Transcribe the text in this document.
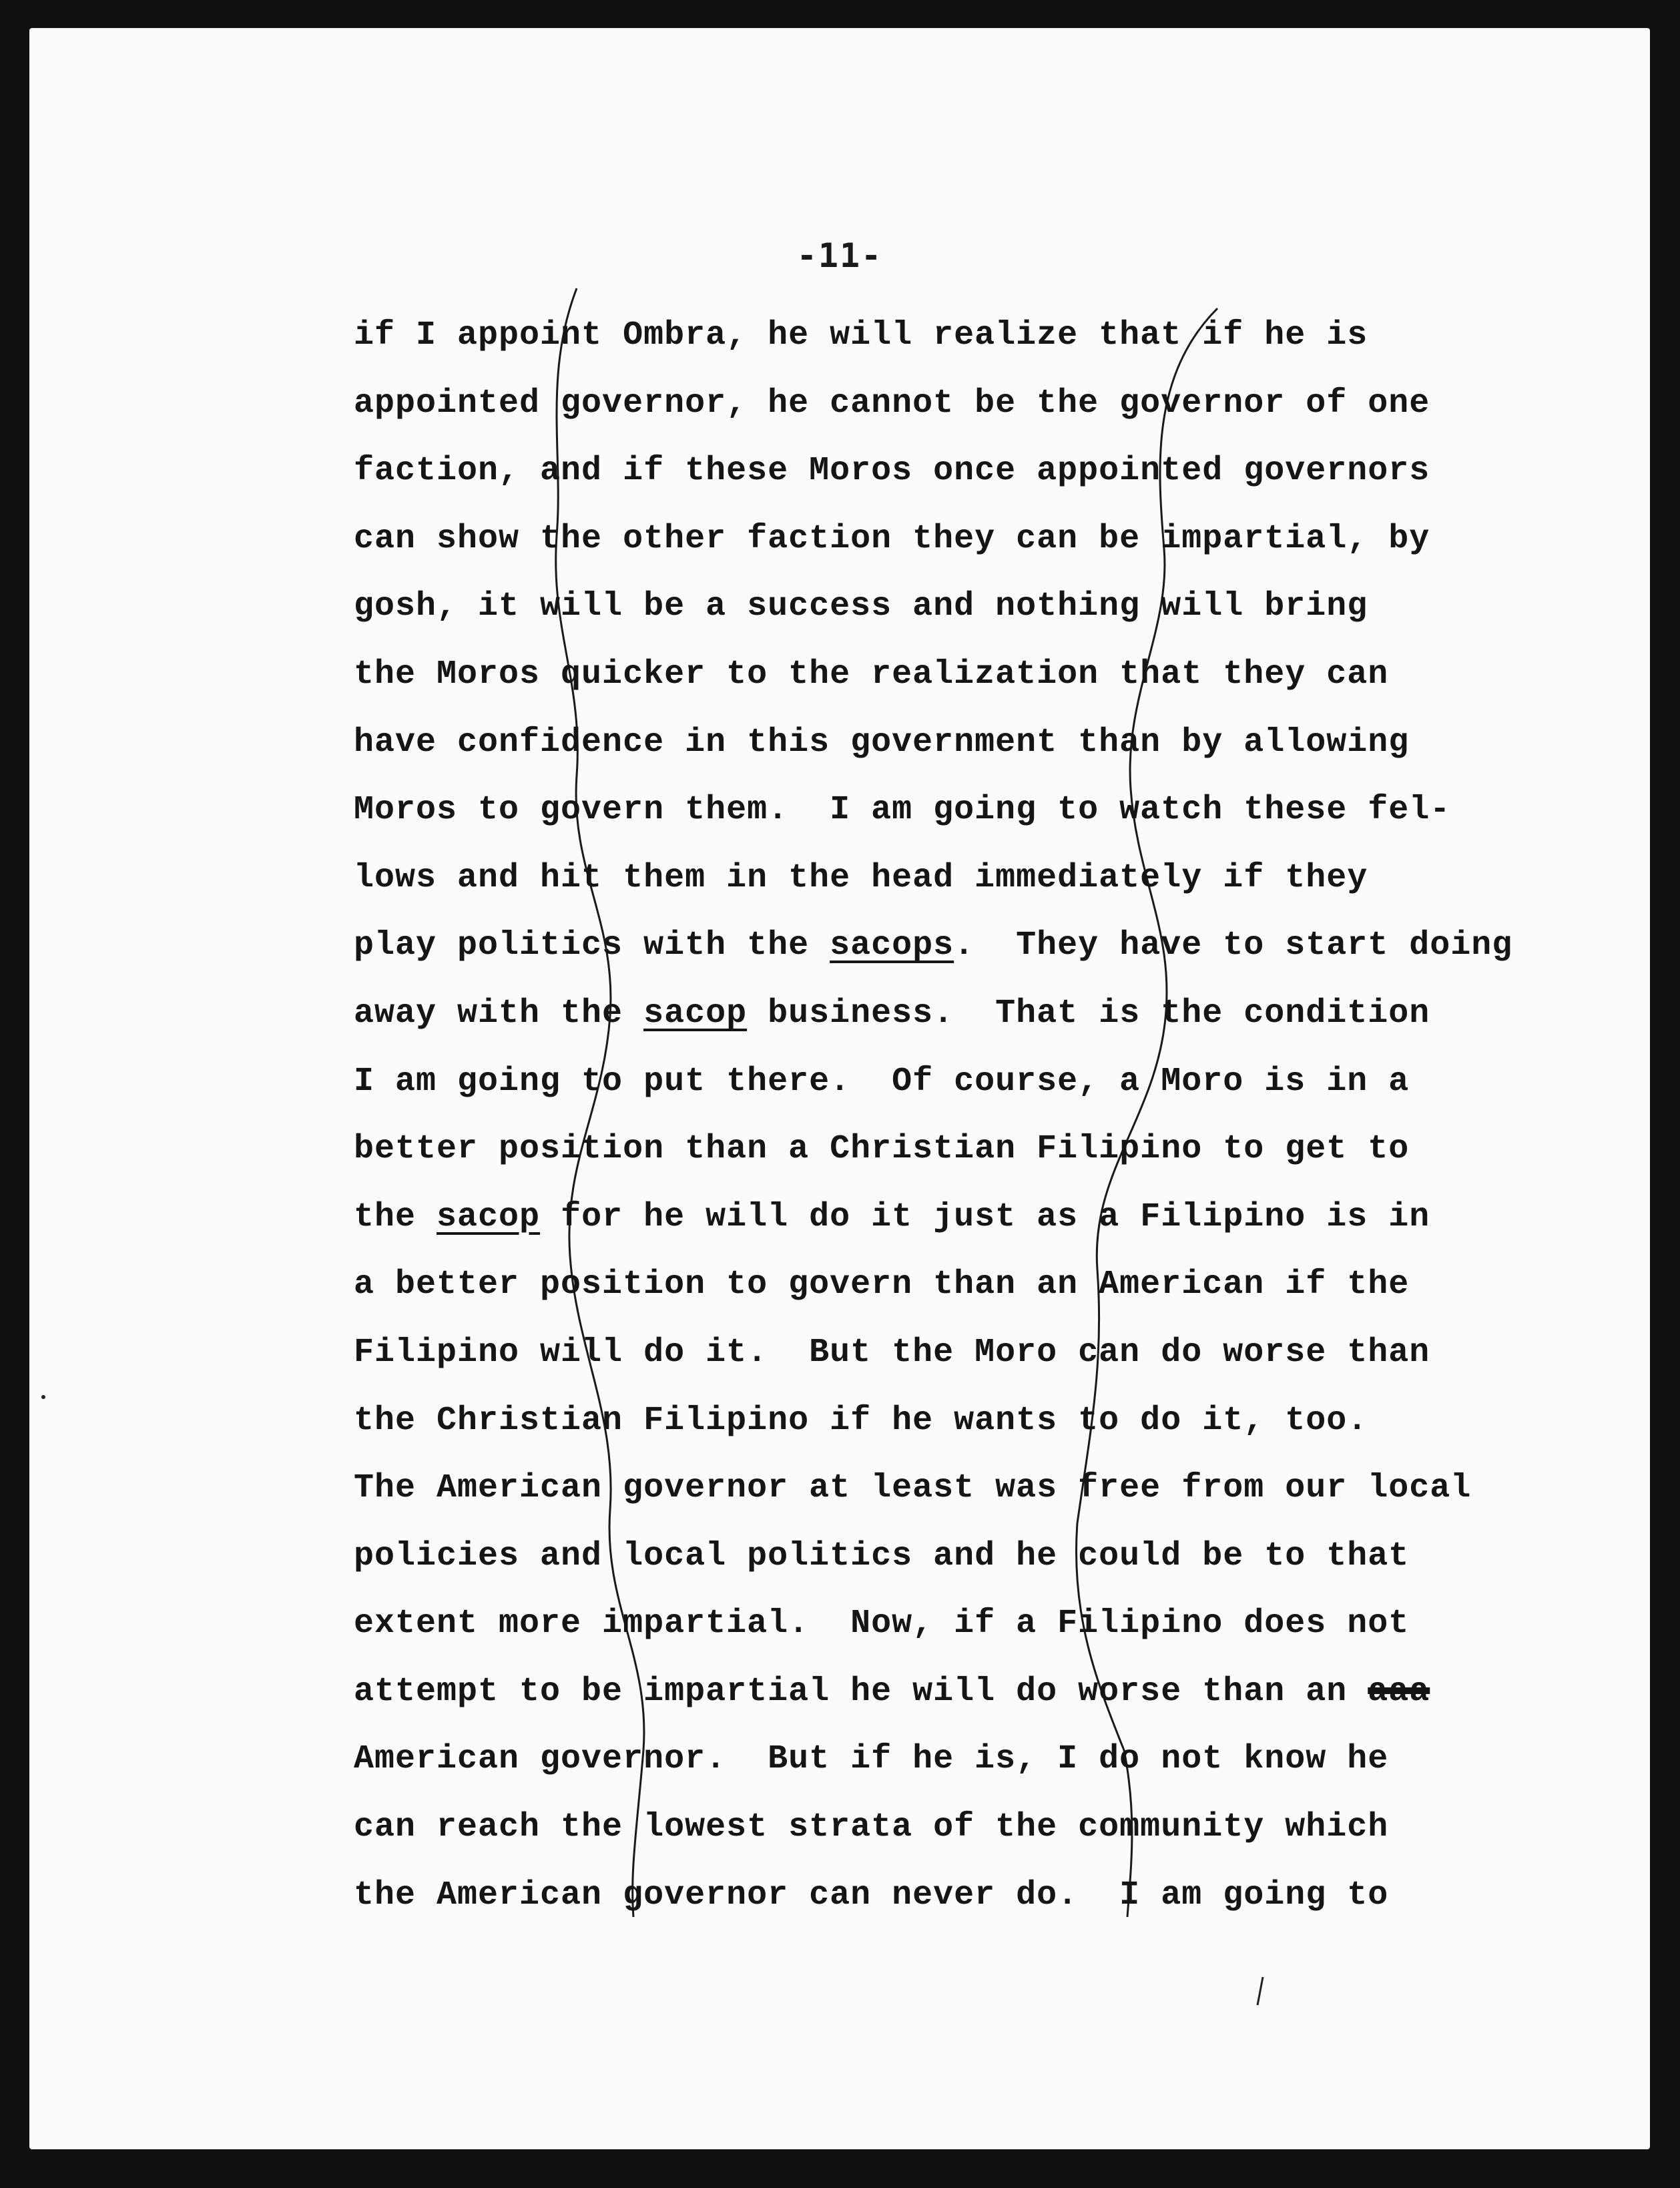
-11-
if I appoint Ombra, he will realize that if he is
appointed governor, he cannot be the governor of one
faction, and if these Moros once appointed governors
can show the other faction they can be impartial, by
gosh, it will be a success and nothing will bring
the Moros quicker to the realization that they can
have confidence in this government than by allowing
Moros to govern them.  I am going to watch these fel-
lows and hit them in the head immediately if they
play politics with the sacops.  They have to start doing
away with the sacop business.  That is the condition
I am going to put there.  Of course, a Moro is in a
better position than a Christian Filipino to get to
the sacop for he will do it just as a Filipino is in
a better position to govern than an American if the
Filipino will do it.  But the Moro can do worse than
the Christian Filipino if he wants to do it, too.
The American governor at least was free from our local
policies and local politics and he could be to that
extent more impartial.  Now, if a Filipino does not
attempt to be impartial he will do worse than an aaa
American governor.  But if he is, I do not know he
can reach the lowest strata of the community which
the American governor can never do.  I am going to
